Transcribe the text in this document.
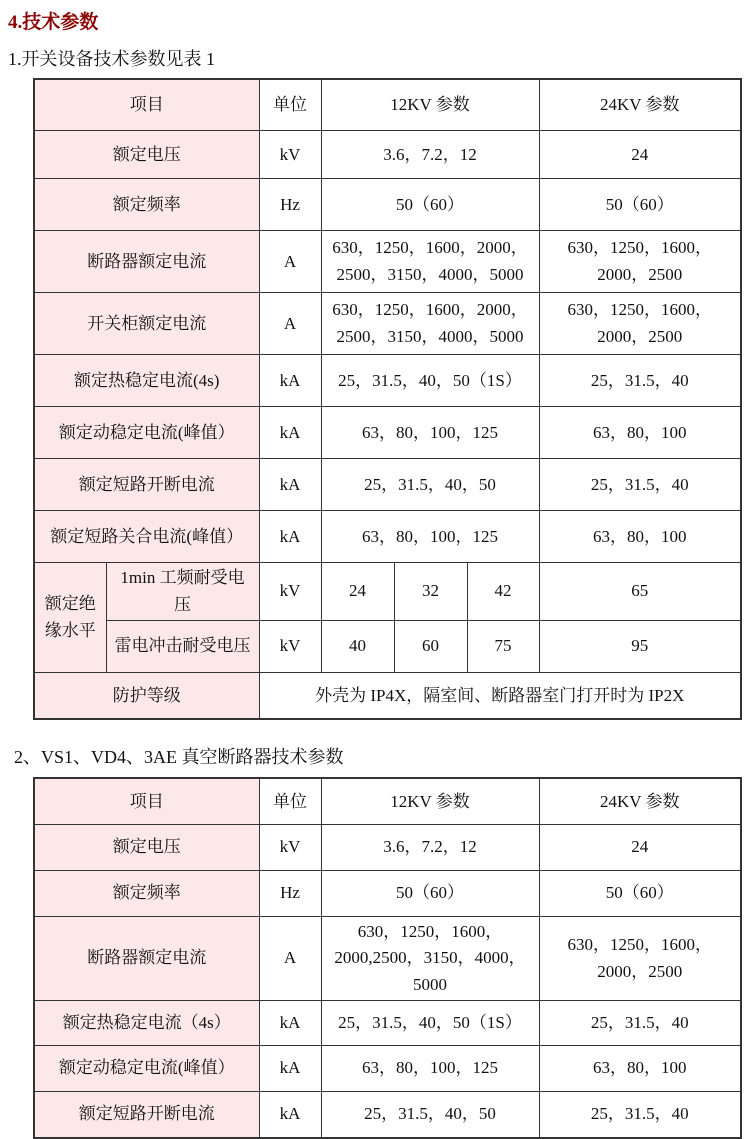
4.技术参数
1.开关设备技术参数见表 1
项目		单位	12KV 参数			24KV 参数
额定电压		kV	3.6，7.2，12			24
额定频率		Hz	50（60）			50（60）
断路器额定电流		A	630，1250，1600，2000，2500，3150，4000，5000			630，1250，1600，2000，2500
开关柜额定电流		A	630，1250，1600，2000，2500，3150，4000，5000			630，1250，1600，2000，2500
额定热稳定电流(4s)		kA	25，31.5，40，50（1S）			25，31.5，40
额定动稳定电流(峰值）		kA	63，80，100，125			63，80，100
额定短路开断电流		kA	25，31.5，40，50			25，31.5，40
额定短路关合电流(峰值）		kA	63，80，100，125			63，80，100
额定绝缘水平	1min 工频耐受电压	kV	24	32	42	65
	雷电冲击耐受电压	kV	40	60	75	95
防护等级		外壳为 IP4X，隔室间、断路器室门打开时为 IP2X				
2、VS1、VD4、3AE 真空断路器技术参数
项目	单位	12KV 参数	24KV 参数
额定电压	kV	3.6，7.2，12	24
额定频率	Hz	50（60）	50（60）
断路器额定电流	A	630，1250，1600，2000,2500，3150，4000，5000	630，1250，1600，2000，2500
额定热稳定电流（4s）	kA	25，31.5，40，50（1S）	25，31.5，40
额定动稳定电流(峰值）	kA	63，80，100，125	63，80，100
额定短路开断电流	kA	25，31.5，40，50	25，31.5，40
